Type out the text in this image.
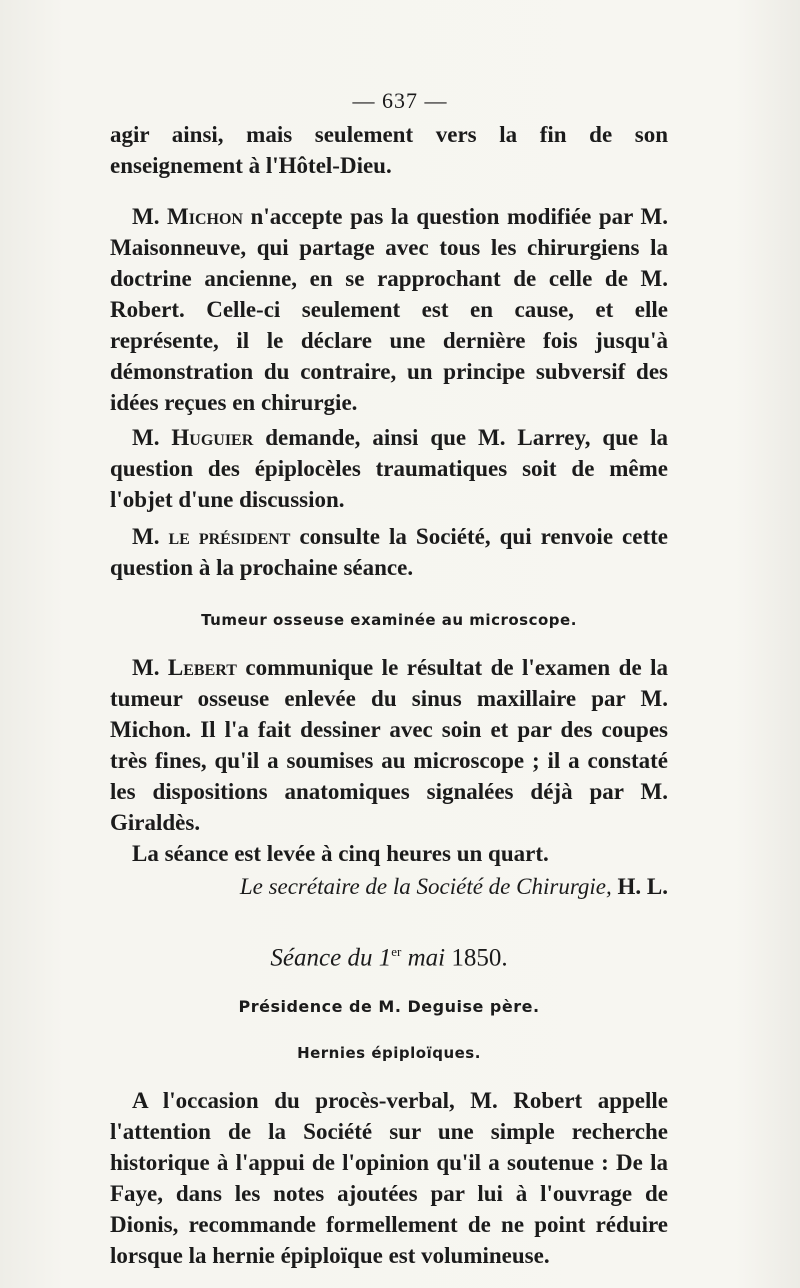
— 637 —

agir ainsi, mais seulement vers la fin de son enseignement à l'Hôtel-Dieu.

M. Michon n'accepte pas la question modifiée par M. Maisonneuve, qui partage avec tous les chirurgiens la doctrine ancienne, en se rapprochant de celle de M. Robert. Celle-ci seulement est en cause, et elle représente, il le déclare une dernière fois jusqu'à démonstration du contraire, un principe subversif des idées reçues en chirurgie.

M. Huguier demande, ainsi que M. Larrey, que la question des épiplocèles traumatiques soit de même l'objet d'une discussion.

M. le président consulte la Société, qui renvoie cette question à la prochaine séance.

Tumeur osseuse examinée au microscope.

M. Lebert communique le résultat de l'examen de la tumeur osseuse enlevée du sinus maxillaire par M. Michon. Il l'a fait dessiner avec soin et par des coupes très fines, qu'il a soumises au microscope ; il a constaté les dispositions anatomiques signalées déjà par M. Giraldès.

La séance est levée à cinq heures un quart.

Le secrétaire de la Société de Chirurgie, H. L.

Séance du 1er mai 1850.

Présidence de M. Deguise père.

Hernies épiploïques.

A l'occasion du procès-verbal, M. Robert appelle l'attention de la Société sur une simple recherche historique à l'appui de l'opinion qu'il a soutenue : De la Faye, dans les notes ajoutées par lui à l'ouvrage de Dionis, recommande formellement de ne point réduire lorsque la hernie épiploïque est volumineuse.
